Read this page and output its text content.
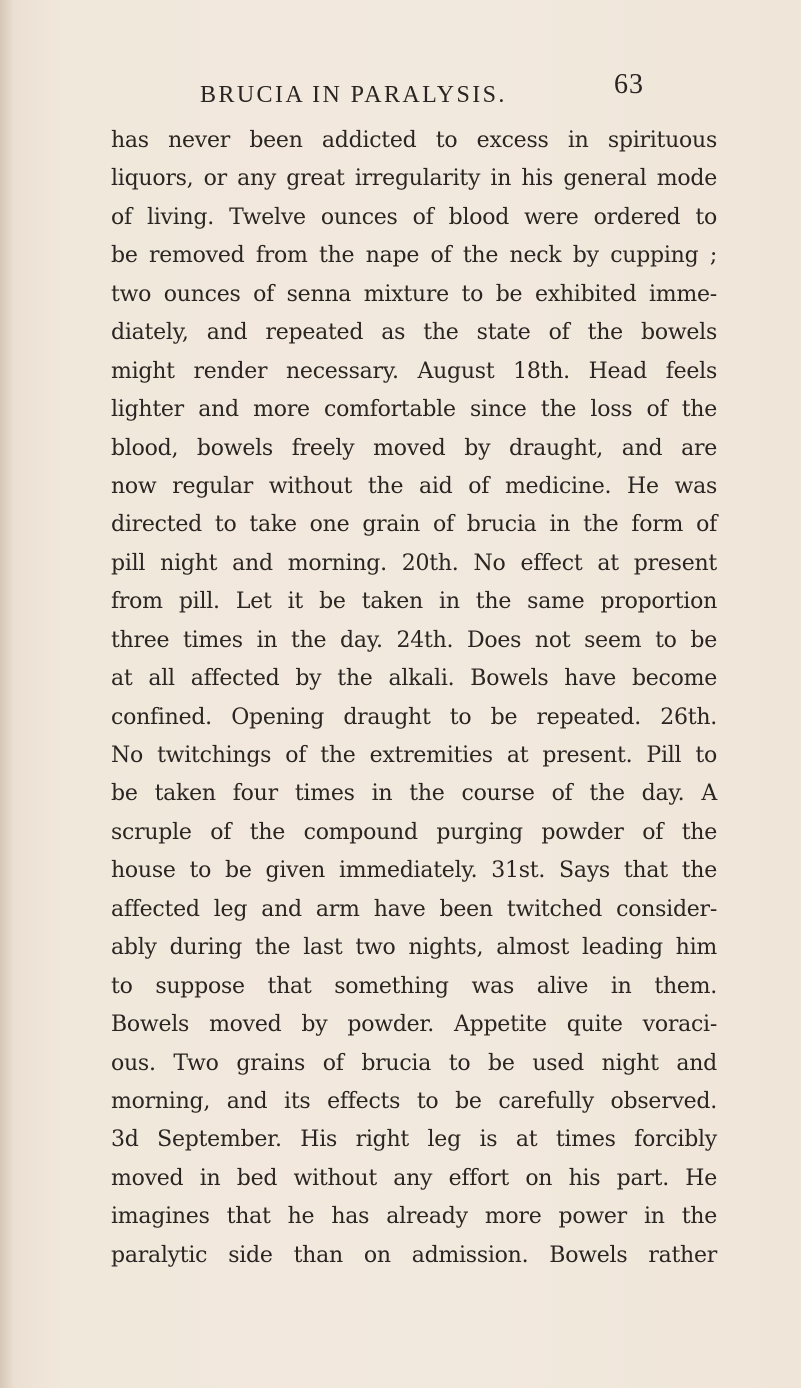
BRUCIA IN PARALYSIS.	63
has never been addicted to excess in spirituous
liquors, or any great irregularity in his general mode
of living. Twelve ounces of blood were ordered to
be removed from the nape of the neck by cupping ;
two ounces of senna mixture to be exhibited imme-
diately, and repeated as the state of the bowels
might render necessary. August 18th. Head feels
lighter and more comfortable since the loss of the
blood, bowels freely moved by draught, and are
now regular without the aid of medicine. He was
directed to take one grain of brucia in the form of
pill night and morning. 20th. No effect at present
from pill. Let it be taken in the same proportion
three times in the day. 24th. Does not seem to be
at all affected by the alkali. Bowels have become
confined. Opening draught to be repeated. 26th.
No twitchings of the extremities at present. Pill to
be taken four times in the course of the day. A
scruple of the compound purging powder of the
house to be given immediately. 31st. Says that the
affected leg and arm have been twitched consider-
ably during the last two nights, almost leading him
to suppose that something was alive in them.
Bowels moved by powder. Appetite quite voraci-
ous. Two grains of brucia to be used night and
morning, and its effects to be carefully observed.
3d September. His right leg is at times forcibly
moved in bed without any effort on his part. He
imagines that he has already more power in the
paralytic side than on admission. Bowels rather
